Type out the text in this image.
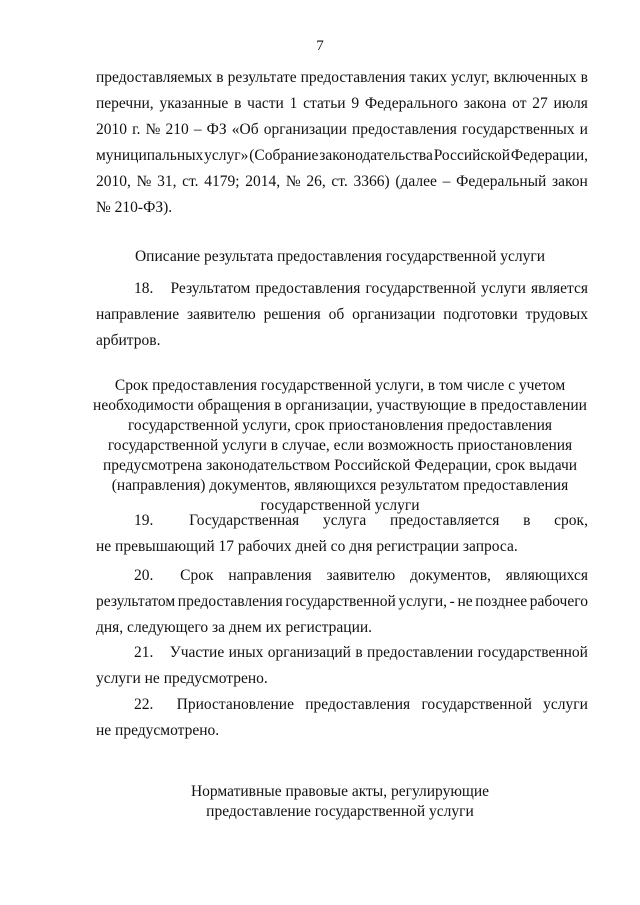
7
предоставляемых в результате предоставления таких услуг, включенных в
перечни, указанные в части 1 статьи 9 Федерального закона от 27 июля
2010 г. № 210 – ФЗ «Об организации предоставления государственных и
муниципальных услуг» (Собрание законодательства Российской Федерации,
2010, № 31, ст. 4179; 2014, № 26, ст. 3366) (далее – Федеральный закон
№ 210-ФЗ).
Описание результата предоставления государственной услуги
18. Результатом предоставления государственной услуги является
направление заявителю решения об организации подготовки трудовых
арбитров.
Срок предоставления государственной услуги, в том числе с учетом
необходимости обращения в организации, участвующие в предоставлении
государственной услуги, срок приостановления предоставления
государственной услуги в случае, если возможность приостановления
предусмотрена законодательством Российской Федерации, срок выдачи
(направления) документов, являющихся результатом предоставления
государственной услуги
19. Государственная услуга предоставляется в срок,
не превышающий 17 рабочих дней со дня регистрации запроса.
20. Срок направления заявителю документов, являющихся
результатом предоставления государственной услуги, - не позднее рабочего
дня, следующего за днем их регистрации.
21. Участие иных организаций в предоставлении государственной
услуги не предусмотрено.
22. Приостановление предоставления государственной услуги
не предусмотрено.
Нормативные правовые акты, регулирующие
предоставление государственной услуги
